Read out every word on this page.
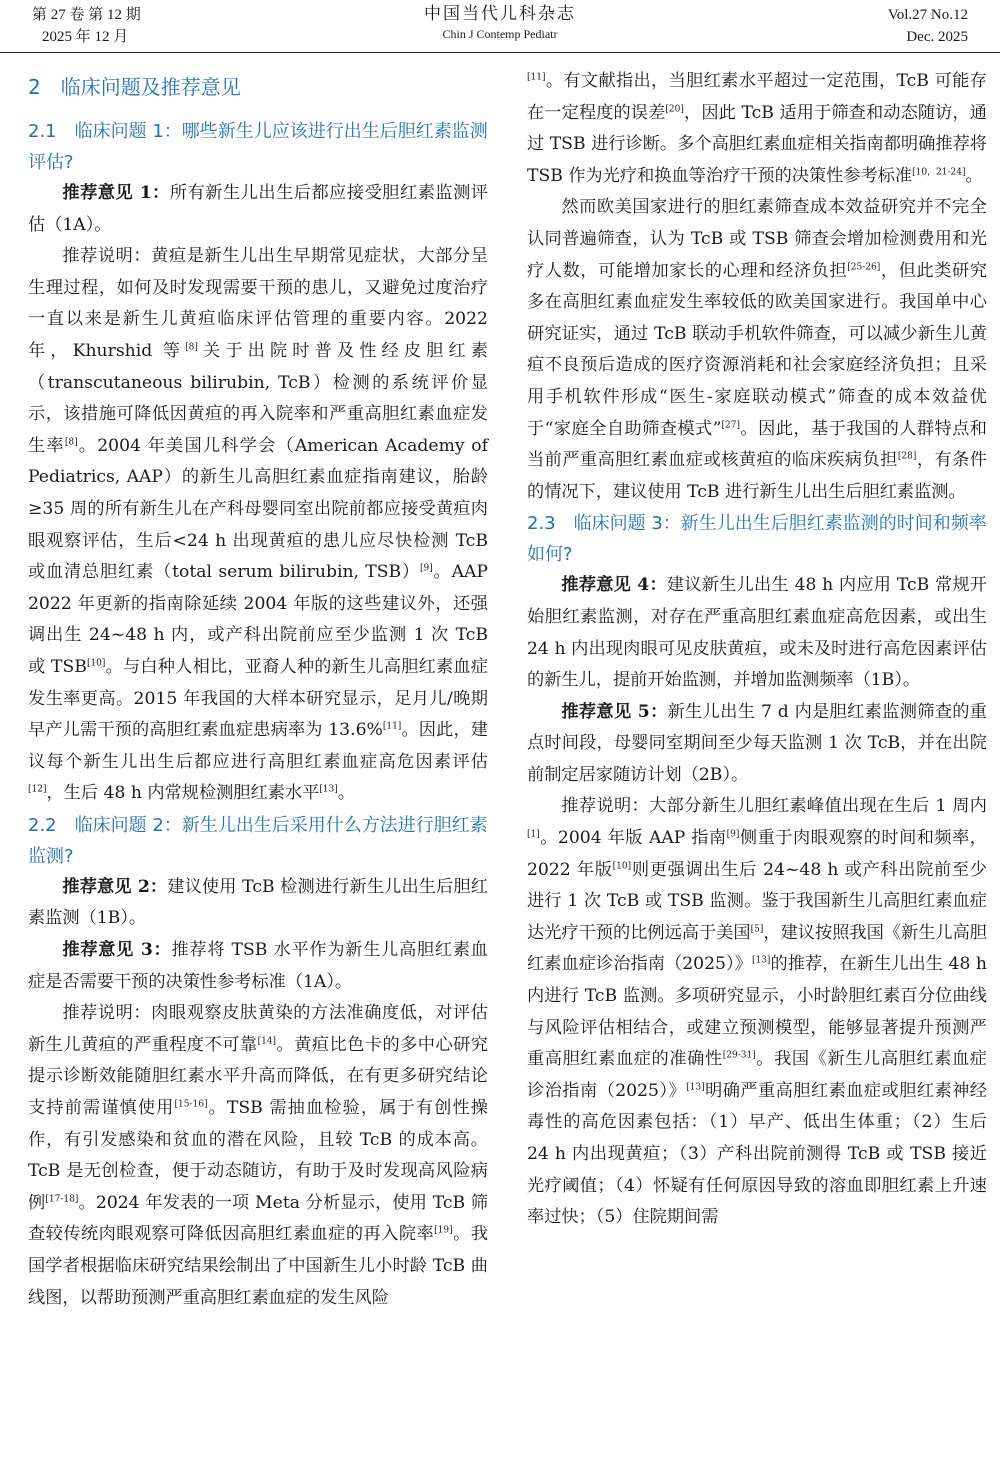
第 27 卷 第 12 期
2025 年 12 月
中国当代儿科杂志
Chin J Contemp Pediatr
Vol.27 No.12
Dec. 2025
2　临床问题及推荐意见
2.1　临床问题 1：哪些新生儿应该进行出生后胆红素监测评估?

推荐意见 1：所有新生儿出生后都应接受胆红素监测评估（1A）。

推荐说明：黄疸是新生儿出生早期常见症状，大部分呈生理过程，如何及时发现需要干预的患儿，又避免过度治疗一直以来是新生儿黄疸临床评估管理的重要内容。2022 年，Khurshid 等[8]关于出院时普及性经皮胆红素（transcutaneous bilirubin, TcB）检测的系统评价显示，该措施可降低因黄疸的再入院率和严重高胆红素血症发生率[8]。2004 年美国儿科学会（American Academy of Pediatrics, AAP）的新生儿高胆红素血症指南建议，胎龄≥35 周的所有新生儿在产科母婴同室出院前都应接受黄疸肉眼观察评估，生后<24 h 出现黄疸的患儿应尽快检测 TcB 或血清总胆红素（total serum bilirubin, TSB）[9]。AAP 2022 年更新的指南除延续 2004 年版的这些建议外，还强调出生 24~48 h 内，或产科出院前应至少监测 1 次 TcB 或 TSB[10]。与白种人相比，亚裔人种的新生儿高胆红素血症发生率更高。2015 年我国的大样本研究显示，足月儿/晚期早产儿需干预的高胆红素血症患病率为 13.6%[11]。因此，建议每个新生儿出生后都应进行高胆红素血症高危因素评估[12]，生后 48 h 内常规检测胆红素水平[13]。

2.2　临床问题 2：新生儿出生后采用什么方法进行胆红素监测?

推荐意见 2：建议使用 TcB 检测进行新生儿出生后胆红素监测（1B）。

推荐意见 3：推荐将 TSB 水平作为新生儿高胆红素血症是否需要干预的决策性参考标准（1A）。

推荐说明：肉眼观察皮肤黄染的方法准确度低，对评估新生儿黄疸的严重程度不可靠[14]。黄疸比色卡的多中心研究提示诊断效能随胆红素水平升高而降低，在有更多研究结论支持前需谨慎使用[15-16]。TSB 需抽血检验，属于有创性操作，有引发感染和贫血的潜在风险，且较 TcB 的成本高。TcB 是无创检查，便于动态随访，有助于及时发现高风险病例[17-18]。2024 年发表的一项 Meta 分析显示，使用 TcB 筛查较传统肉眼观察可降低因高胆红素血症的再入院率[19]。我国学者根据临床研究结果绘制出了中国新生儿小时龄 TcB 曲线图，以帮助预测严重高胆红素血症的发生风险

[11]。有文献指出，当胆红素水平超过一定范围，TcB 可能存在一定程度的误差[20]，因此 TcB 适用于筛查和动态随访，通过 TSB 进行诊断。多个高胆红素血症相关指南都明确推荐将 TSB 作为光疗和换血等治疗干预的决策性参考标准[10，21-24]。

然而欧美国家进行的胆红素筛查成本效益研究并不完全认同普遍筛查，认为 TcB 或 TSB 筛查会增加检测费用和光疗人数，可能增加家长的心理和经济负担[25-26]，但此类研究多在高胆红素血症发生率较低的欧美国家进行。我国单中心研究证实，通过 TcB 联动手机软件筛查，可以减少新生儿黄疸不良预后造成的医疗资源消耗和社会家庭经济负担；且采用手机软件形成“医生-家庭联动模式”筛查的成本效益优于“家庭全自助筛查模式”[27]。因此，基于我国的人群特点和当前严重高胆红素血症或核黄疸的临床疾病负担[28]，有条件的情况下，建议使用 TcB 进行新生儿出生后胆红素监测。

2.3　临床问题 3：新生儿出生后胆红素监测的时间和频率如何?

推荐意见 4：建议新生儿出生 48 h 内应用 TcB 常规开始胆红素监测，对存在严重高胆红素血症高危因素，或出生 24 h 内出现肉眼可见皮肤黄疸，或未及时进行高危因素评估的新生儿，提前开始监测，并增加监测频率（1B）。

推荐意见 5：新生儿出生 7 d 内是胆红素监测筛查的重点时间段，母婴同室期间至少每天监测 1 次 TcB，并在出院前制定居家随访计划（2B）。

推荐说明：大部分新生儿胆红素峰值出现在生后 1 周内[1]。2004 年版 AAP 指南[9]侧重于肉眼观察的时间和频率，2022 年版[10]则更强调出生后 24~48 h 或产科出院前至少进行 1 次 TcB 或 TSB 监测。鉴于我国新生儿高胆红素血症达光疗干预的比例远高于美国[5]，建议按照我国《新生儿高胆红素血症诊治指南（2025）》[13]的推荐，在新生儿出生 48 h 内进行 TcB 监测。多项研究显示，小时龄胆红素百分位曲线与风险评估相结合，或建立预测模型，能够显著提升预测严重高胆红素血症的准确性[29-31]。我国《新生儿高胆红素血症诊治指南（2025）》[13]明确严重高胆红素血症或胆红素神经毒性的高危因素包括：（1）早产、低出生体重；（2）生后 24 h 内出现黄疸；（3）产科出院前测得 TcB 或 TSB 接近光疗阈值；（4）怀疑有任何原因导致的溶血即胆红素上升速率过快；（5）住院期间需
